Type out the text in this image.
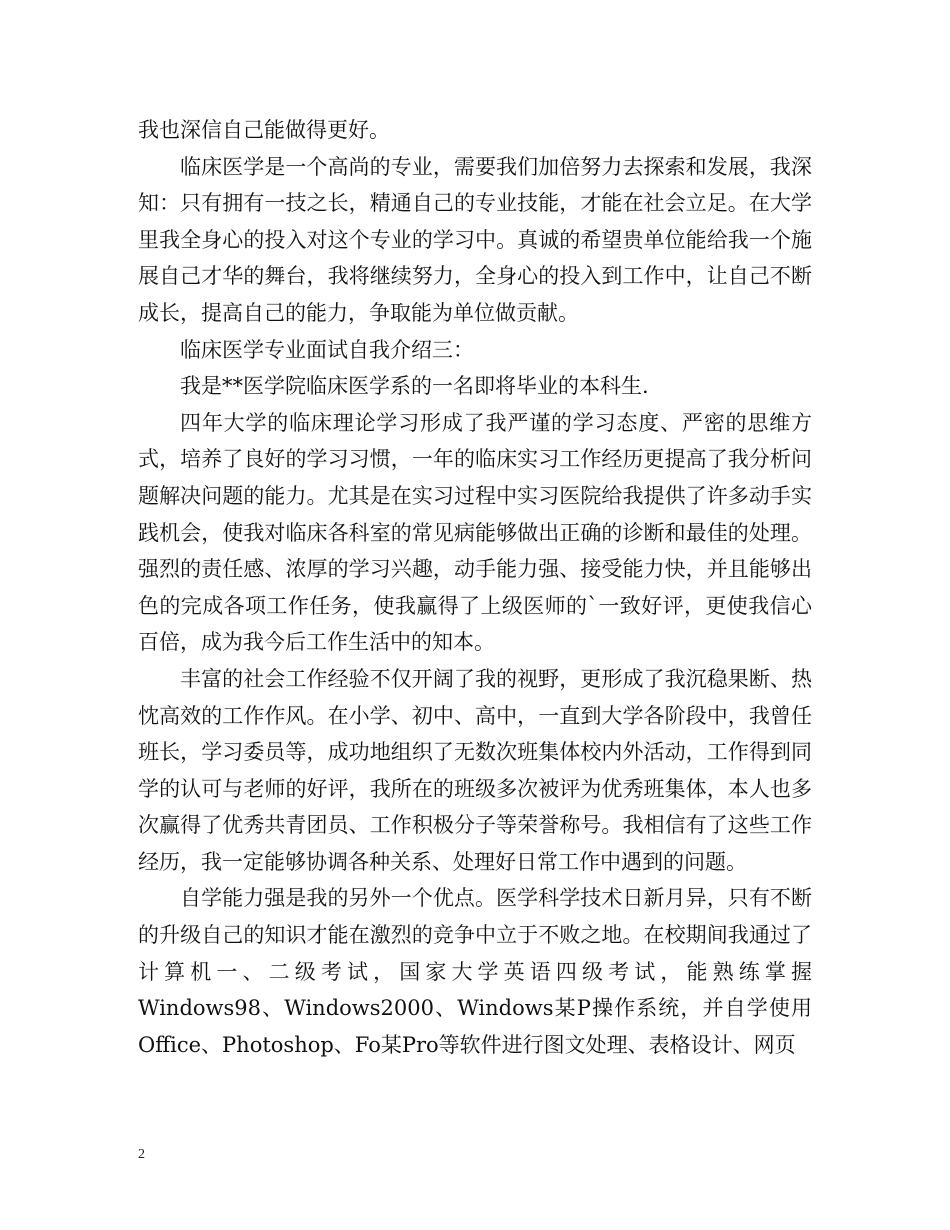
我也深信自己能做得更好。

临床医学是一个高尚的专业，需要我们加倍努力去探索和发展，我深知：只有拥有一技之长，精通自己的专业技能，才能在社会立足。在大学里我全身心的投入对这个专业的学习中。真诚的希望贵单位能给我一个施展自己才华的舞台，我将继续努力，全身心的投入到工作中，让自己不断成长，提高自己的能力，争取能为单位做贡献。

临床医学专业面试自我介绍三：

我是**医学院临床医学系的一名即将毕业的本科生.

四年大学的临床理论学习形成了我严谨的学习态度、严密的思维方式，培养了良好的学习习惯，一年的临床实习工作经历更提高了我分析问题解决问题的能力。尤其是在实习过程中实习医院给我提供了许多动手实践机会，使我对临床各科室的常见病能够做出正确的诊断和最佳的处理。强烈的责任感、浓厚的学习兴趣，动手能力强、接受能力快，并且能够出色的完成各项工作任务，使我赢得了上级医师的`一致好评，更使我信心百倍，成为我今后工作生活中的知本。

丰富的社会工作经验不仅开阔了我的视野，更形成了我沉稳果断、热忱高效的工作作风。在小学、初中、高中，一直到大学各阶段中，我曾任班长，学习委员等，成功地组织了无数次班集体校内外活动，工作得到同学的认可与老师的好评，我所在的班级多次被评为优秀班集体，本人也多次赢得了优秀共青团员、工作积极分子等荣誉称号。我相信有了这些工作经历，我一定能够协调各种关系、处理好日常工作中遇到的问题。

自学能力强是我的另外一个优点。医学科学技术日新月异，只有不断的升级自己的知识才能在激烈的竞争中立于不败之地。在校期间我通过了计算机一、二级考试，国家大学英语四级考试，能熟练掌握Windows98、Windows2000、Windows某P操作系统，并自学使用Office、Photoshop、Fo某Pro等软件进行图文处理、表格设计、网页

2
